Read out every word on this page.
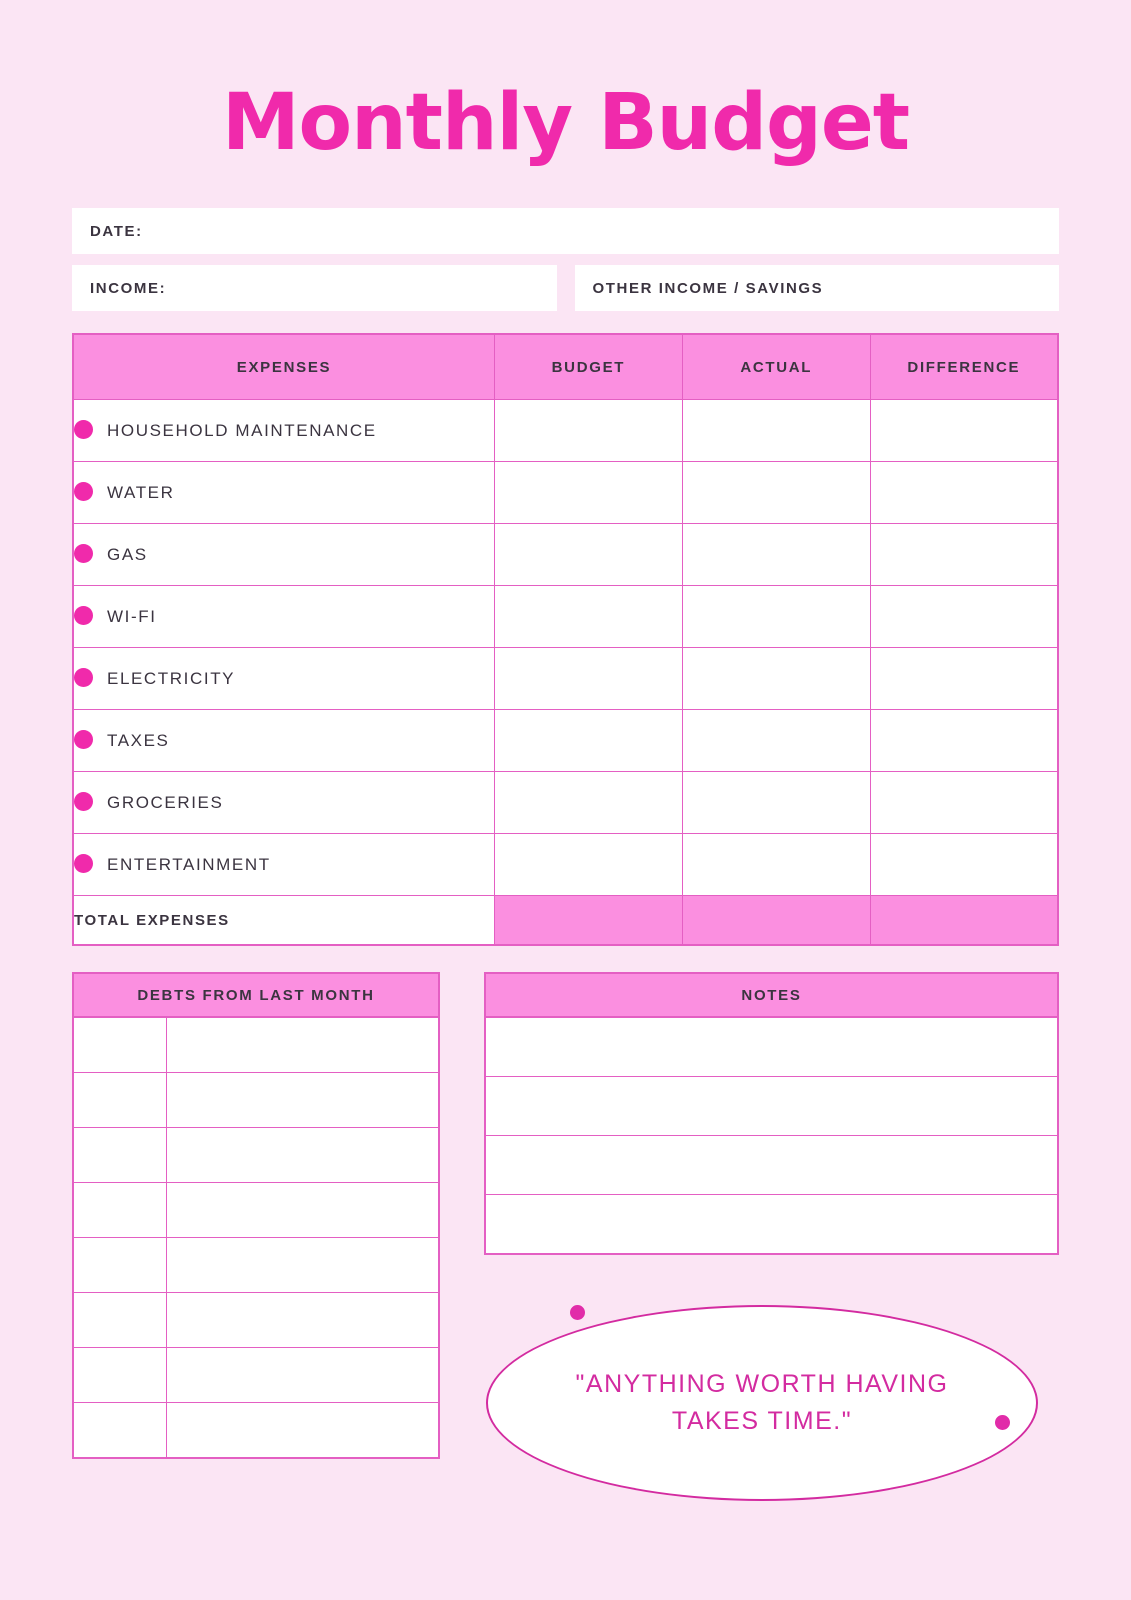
Monthly Budget
DATE:
INCOME:	OTHER INCOME / SAVINGS
EXPENSES	BUDGET	ACTUAL	DIFFERENCE
HOUSEHOLD MAINTENANCE			
WATER			
GAS			
WI-FI			
ELECTRICITY			
TAXES			
GROCERIES			
ENTERTAINMENT			
TOTAL EXPENSES			
DEBTS FROM LAST MONTH

		NOTES

"ANYTHING WORTH HAVING TAKES TIME."
